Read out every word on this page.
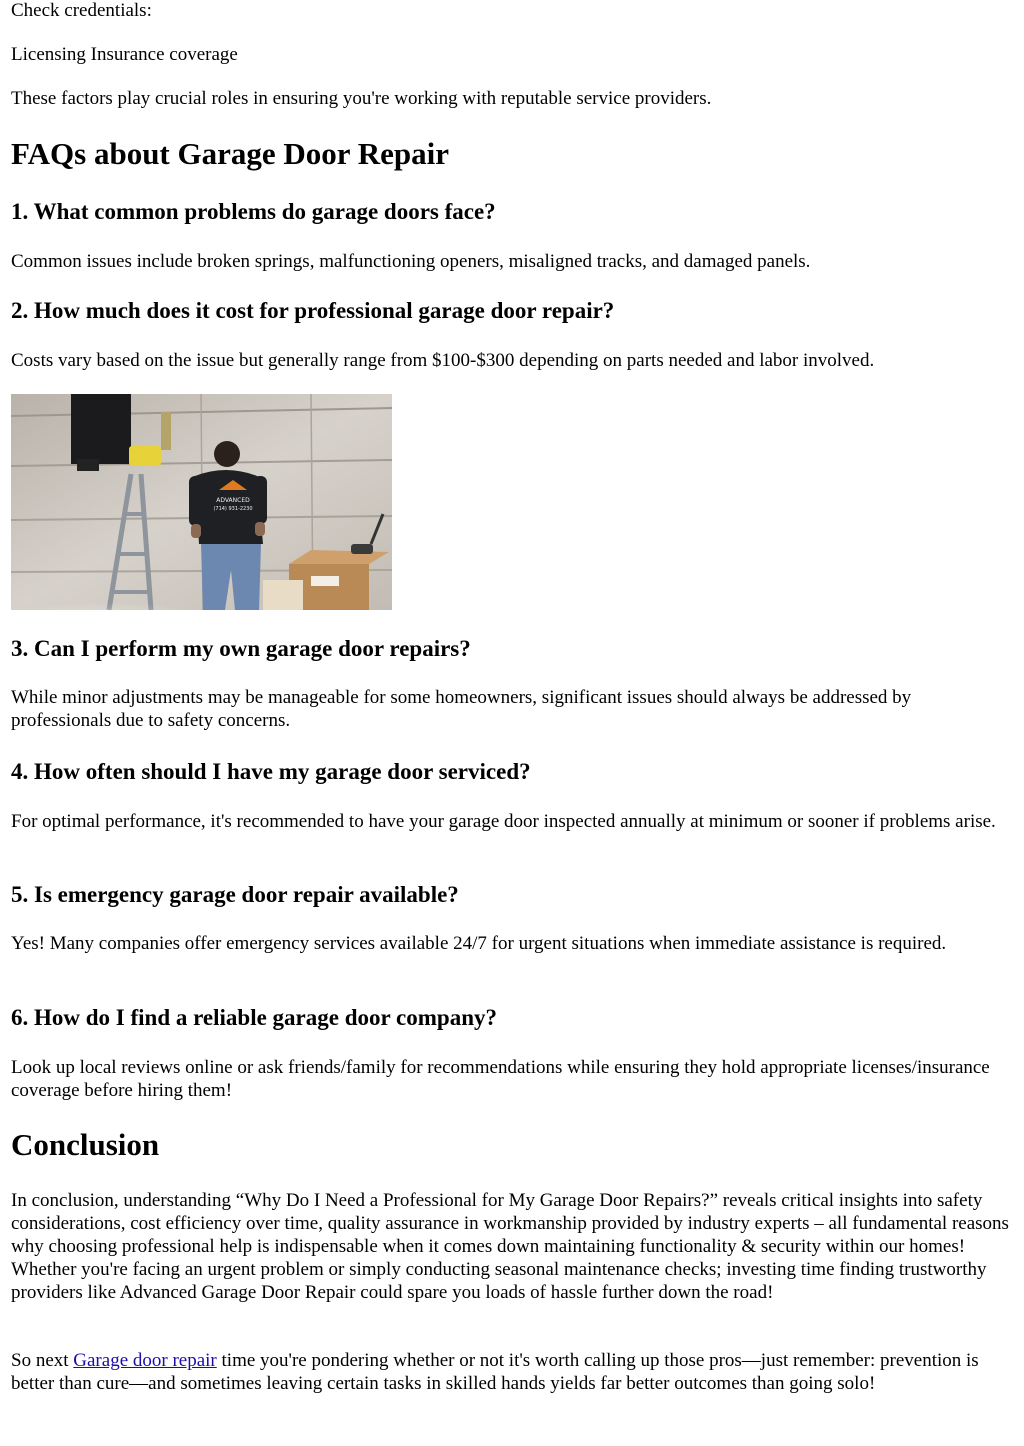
Check credentials:

Licensing Insurance coverage

These factors play crucial roles in ensuring you're working with reputable service providers.

FAQs about Garage Door Repair
1. What common problems do garage doors face?

Common issues include broken springs, malfunctioning openers, misaligned tracks, and damaged panels.

2. How much does it cost for professional garage door repair?

Costs vary based on the issue but generally range from $100-$300 depending on parts needed and labor involved.

ADVANCED
(714) 931-2230
3. Can I perform my own garage door repairs?

While minor adjustments may be manageable for some homeowners, significant issues should always be addressed by professionals due to safety concerns.

4. How often should I have my garage door serviced?

For optimal performance, it's recommended to have your garage door inspected annually at minimum or sooner if problems arise.

5. Is emergency garage door repair available?

Yes! Many companies offer emergency services available 24/7 for urgent situations when immediate assistance is required.

6. How do I find a reliable garage door company?

Look up local reviews online or ask friends/family for recommendations while ensuring they hold appropriate licenses/insurance coverage before hiring them!

Conclusion

In conclusion, understanding “Why Do I Need a Professional for My Garage Door Repairs?” reveals critical insights into safety considerations, cost efficiency over time, quality assurance in workmanship provided by industry experts – all fundamental reasons why choosing professional help is indispensable when it comes down maintaining functionality & security within our homes! Whether you're facing an urgent problem or simply conducting seasonal maintenance checks; investing time finding trustworthy providers like Advanced Garage Door Repair could spare you loads of hassle further down the road!

So next Garage door repair time you're pondering whether or not it's worth calling up those pros—just remember: prevention is better than cure—and sometimes leaving certain tasks in skilled hands yields far better outcomes than going solo!
